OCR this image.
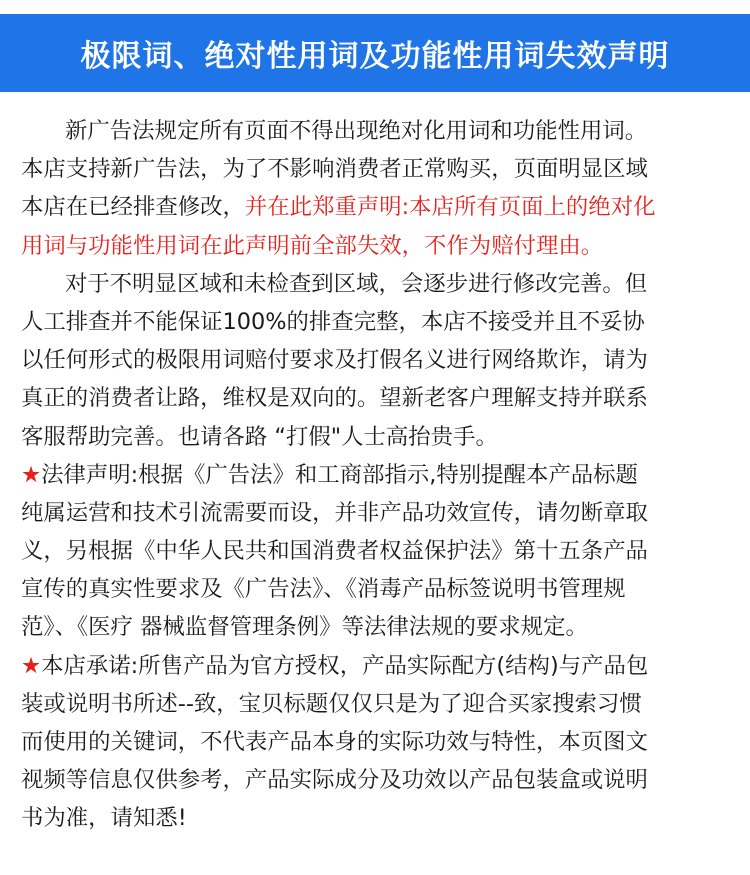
极限词、绝对性用词及功能性用词失效声明
新广告法规定所有页面不得出现绝对化用词和功能性用词。
本店支持新广告法，为了不影响消费者正常购买，页面明显区域
本店在已经排查修改，并在此郑重声明:本店所有页面上的绝对化
用词与功能性用词在此声明前全部失效，不作为赔付理由。
对于不明显区域和未检查到区域，会逐步进行修改完善。但
人工排查并不能保证100%的排查完整，本店不接受并且不妥协
以任何形式的极限用词赔付要求及打假名义进行网络欺诈，请为
真正的消费者让路，维权是双向的。望新老客户理解支持并联系
客服帮助完善。也请各路 “打假"人士高抬贵手。
★法律声明:根据《广告法》和工商部指示,特别提醒本产品标题
纯属运营和技术引流需要而设，并非产品功效宣传，请勿断章取
义，另根据《中华人民共和国消费者权益保护法》第十五条产品
宣传的真实性要求及《广告法》、《消毒产品标签说明书管理规
范》、《医疗 器械监督管理条例》等法律法规的要求规定。
★本店承诺:所售产品为官方授权，产品实际配方(结构)与产品包
装或说明书所述--致，宝贝标题仅仅只是为了迎合买家搜索习惯
而使用的关键词，不代表产品本身的实际功效与特性，本页图文
视频等信息仅供参考，产品实际成分及功效以产品包装盒或说明
书为准，请知悉!
